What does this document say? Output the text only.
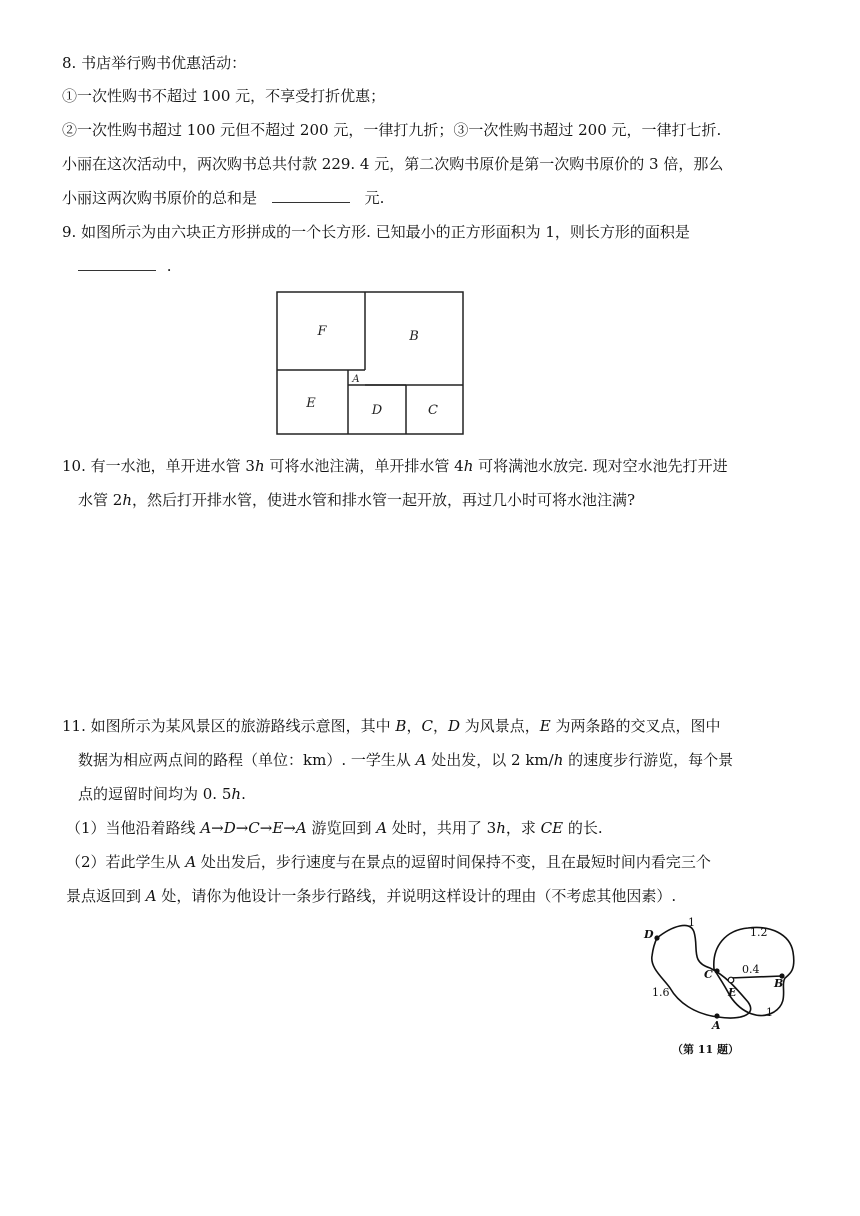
8. 书店举行购书优惠活动：
①一次性购书不超过 100 元，不享受打折优惠；
②一次性购书超过 100 元但不超过 200 元，一律打九折；③一次性购书超过 200 元，一律打七折.
小丽在这次活动中，两次购书总共付款 229. 4 元，第二次购书原价是第一次购书原价的 3 倍，那么
小丽这两次购书原价的总和是	元.
9. 如图所示为由六块正方形拼成的一个长方形. 已知最小的正方形面积为 1，则长方形的面积是
.
F	B
A
E	D	C
10. 有一水池，单开进水管 3h 可将水池注满，单开排水管 4h 可将满池水放完. 现对空水池先打开进
水管 2h，然后打开排水管，使进水管和排水管一起开放，再过几小时可将水池注满?
11. 如图所示为某风景区的旅游路线示意图，其中 B，C，D 为风景点，E 为两条路的交叉点，图中
数据为相应两点间的路程（单位：km）. 一学生从 A 处出发，以 2 km/h 的速度步行游览，每个景
点的逗留时间均为 0. 5h.
（1）当他沿着路线 A→D→C→E→A 游览回到 A 处时，共用了 3h，求 CE 的长.
（2）若此学生从 A 处出发后，步行速度与在景点的逗留时间保持不变，且在最短时间内看完三个
景点返回到 A 处，请你为他设计一条步行路线，并说明这样设计的理由（不考虑其他因素）.
D
C
E
B
A
1
1.2
0.4
1.6
1
（第 11 题）
